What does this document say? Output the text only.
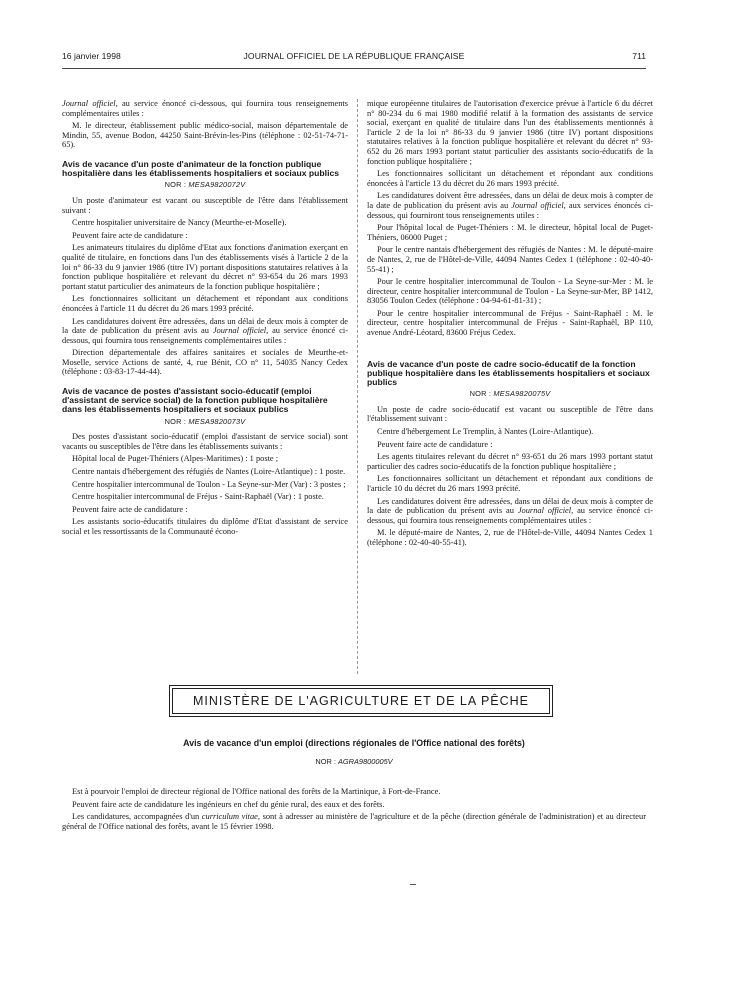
16 janvier 1998	JOURNAL OFFICIEL DE LA RÉPUBLIQUE FRANÇAISE	711

Journal officiel, au service énoncé ci-dessous, qui fournira tous renseignements complémentaires utiles :

M. le directeur, établissement public médico-social, maison départementale de Mindin, 55, avenue Bodon, 44250 Saint-Brévin-les-Pins (téléphone : 02-51-74-71-65).

Avis de vacance d'un poste d'animateur de la fonction publique hospitalière dans les établissements hospitaliers et sociaux publics
NOR : MESA9820072V

Un poste d'animateur est vacant ou susceptible de l'être dans l'établissement suivant :

Centre hospitalier universitaire de Nancy (Meurthe-et-Moselle).

Peuvent faire acte de candidature :

Les animateurs titulaires du diplôme d'Etat aux fonctions d'animation exerçant en qualité de titulaire, en fonctions dans l'un des établissements visés à l'article 2 de la loi n° 86-33 du 9 janvier 1986 (titre IV) portant dispositions statutaires relatives à la fonction publique hospitalière et relevant du décret n° 93-654 du 26 mars 1993 portant statut particulier des animateurs de la fonction publique hospitalière ;

Les fonctionnaires sollicitant un détachement et répondant aux conditions énoncées à l'article 11 du décret du 26 mars 1993 précité.

Les candidatures doivent être adressées, dans un délai de deux mois à compter de la date de publication du présent avis au Journal officiel, au service énoncé ci-dessous, qui fournira tous renseignements complémentaires utiles :

Direction départementale des affaires sanitaires et sociales de Meurthe-et-Moselle, service Actions de santé, 4, rue Bénit, CO n° 11, 54035 Nancy Cedex (téléphone : 03-83-17-44-44).

Avis de vacance de postes d'assistant socio-éducatif (emploi d'assistant de service social) de la fonction publique hospitalière dans les établissements hospitaliers et sociaux publics
NOR : MESA9820073V

Des postes d'assistant socio-éducatif (emploi d'assistant de service social) sont vacants ou susceptibles de l'être dans les établissements suivants :

Hôpital local de Puget-Théniers (Alpes-Maritimes) : 1 poste ;

Centre nantais d'hébergement des réfugiés de Nantes (Loire-Atlantique) : 1 poste.

Centre hospitalier intercommunal de Toulon - La Seyne-sur-Mer (Var) : 3 postes ;

Centre hospitalier intercommunal de Fréjus - Saint-Raphaël (Var) : 1 poste.

Peuvent faire acte de candidature :

Les assistants socio-éducatifs titulaires du diplôme d'Etat d'assistant de service social et les ressortissants de la Communauté écono-

mique européenne titulaires de l'autorisation d'exercice prévue à l'article 6 du décret n° 80-234 du 6 mai 1980 modifié relatif à la formation des assistants de service social, exerçant en qualité de titulaire dans l'un des établissements mentionnés à l'article 2 de la loi n° 86-33 du 9 janvier 1986 (titre IV) portant dispositions statutaires relatives à la fonction publique hospitalière et relevant du décret n° 93-652 du 26 mars 1993 portant statut particulier des assistants socio-éducatifs de la fonction publique hospitalière ;

Les fonctionnaires sollicitant un détachement et répondant aux conditions énoncées à l'article 13 du décret du 26 mars 1993 précité.

Les candidatures doivent être adressées, dans un délai de deux mois à compter de la date de publication du présent avis au Journal officiel, aux services énoncés ci-dessous, qui fourniront tous renseignements utiles :

Pour l'hôpital local de Puget-Théniers : M. le directeur, hôpital local de Puget-Théniers, 06000 Puget ;

Pour le centre nantais d'hébergement des réfugiés de Nantes : M. le député-maire de Nantes, 2, rue de l'Hôtel-de-Ville, 44094 Nantes Cedex 1 (téléphone : 02-40-40-55-41) ;

Pour le centre hospitalier intercommunal de Toulon - La Seyne-sur-Mer : M. le directeur, centre hospitalier intercommunal de Toulon - La Seyne-sur-Mer, BP 1412, 83056 Toulon Cedex (téléphone : 04-94-61-81-31) ;

Pour le centre hospitalier intercommunal de Fréjus - Saint-Raphaël : M. le directeur, centre hospitalier intercommunal de Fréjus - Saint-Raphaël, BP 110, avenue André-Léotard, 83600 Fréjus Cedex.

Avis de vacance d'un poste de cadre socio-éducatif de la fonction publique hospitalière dans les établissements hospitaliers et sociaux publics
NOR : MESA9820075V

Un poste de cadre socio-éducatif est vacant ou susceptible de l'être dans l'établissement suivant :

Centre d'hébergement Le Tremplin, à Nantes (Loire-Atlantique).

Peuvent faire acte de candidature :

Les agents titulaires relevant du décret n° 93-651 du 26 mars 1993 portant statut particulier des cadres socio-éducatifs de la fonction publique hospitalière ;

Les fonctionnaires sollicitant un détachement et répondant aux conditions de l'article 10 du décret du 26 mars 1993 précité.

Les candidatures doivent être adressées, dans un délai de deux mois à compter de la date de publication du présent avis au Journal officiel, au service énoncé ci-dessous, qui fournira tous renseignements complémentaires utiles :

M. le député-maire de Nantes, 2, rue de l'Hôtel-de-Ville, 44094 Nantes Cedex 1 (téléphone : 02-40-40-55-41).

MINISTÈRE DE L'AGRICULTURE ET DE LA PÊCHE
Avis de vacance d'un emploi (directions régionales de l'Office national des forêts)
NOR : AGRA9800005V

Est à pourvoir l'emploi de directeur régional de l'Office national des forêts de la Martinique, à Fort-de-France.

Peuvent faire acte de candidature les ingénieurs en chef du génie rural, des eaux et des forêts.

Les candidatures, accompagnées d'un curriculum vitae, sont à adresser au ministère de l'agriculture et de la pêche (direction générale de l'administration) et au directeur général de l'Office national des forêts, avant le 15 février 1998.
